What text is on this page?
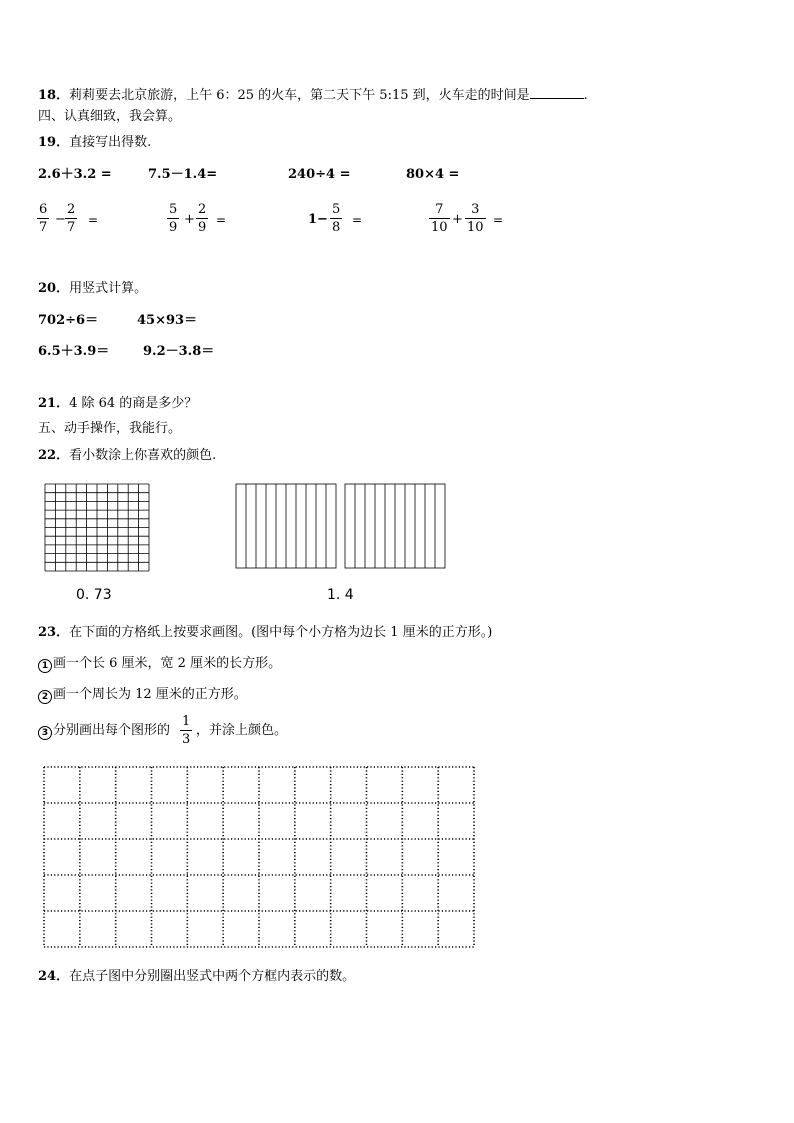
18．莉莉要去北京旅游，上午 6：25 的火车，第二天下午 5:15 到，火车走的时间是	.
四、认真细致，我会算。
19．直接写出得数.
2.6＋3.2 =	7.5－1.4=	240÷4 =	80×4 =
$\frac{6}{7} - \frac{2}{7}$ =	$\frac{5}{9} + \frac{2}{9}$ =	$1- \frac{5}{8}$ =	$\frac{7}{10} + \frac{3}{10}$ =
20．用竖式计算。
702÷6＝	45×93＝
6.5＋3.9＝	9.2－3.8＝
21．4 除 64 的商是多少？
五、动手操作，我能行。
22．看小数涂上你喜欢的颜色.
0. 73	1. 4
23．在下面的方格纸上按要求画图。(图中每个小方格为边长 1 厘米的正方形。)
1 画一个长 6 厘米，宽 2 厘米的长方形。
2 画一个周长为 12 厘米的正方形。
3 分别画出每个图形的 $\frac{1}{3}$ ，并涂上颜色。
24．在点子图中分别圈出竖式中两个方框内表示的数。
